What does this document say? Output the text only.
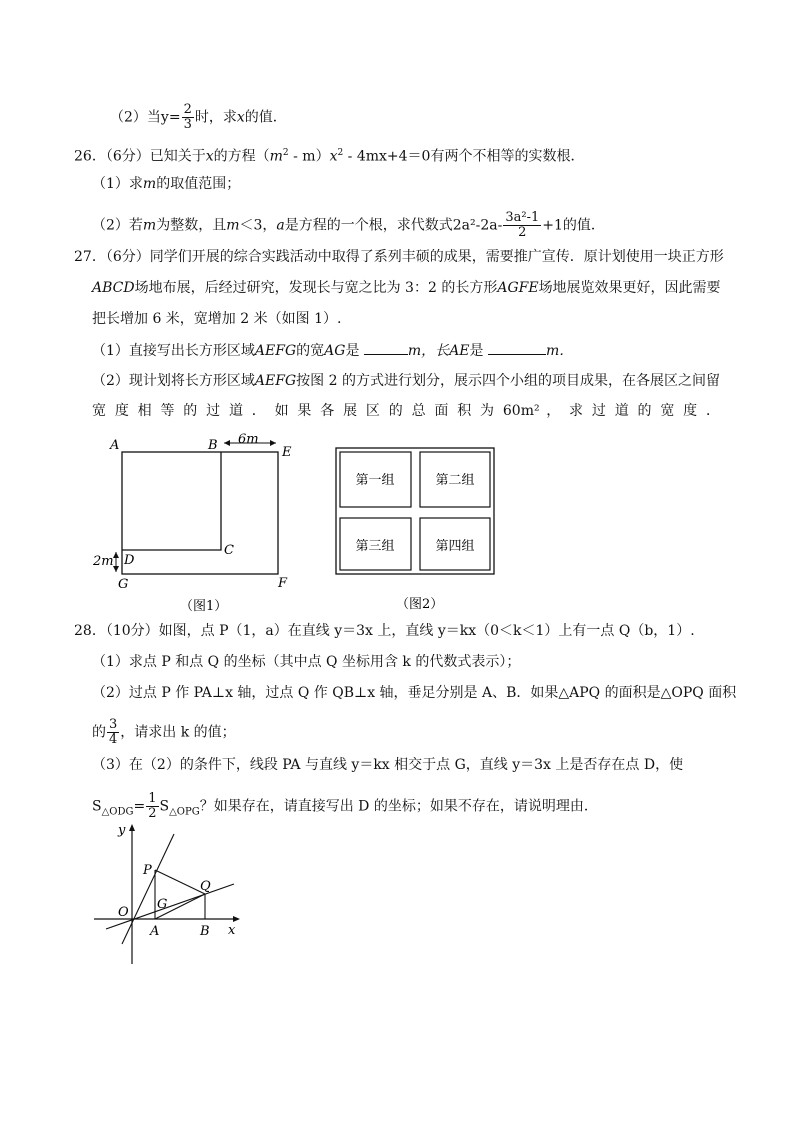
（2）当$y= \frac{2}{3}$ 时，求x的值．
26．（6分）已知关于x的方程$(m^2 - m)x^2 - 4mx+4=0$有两个不相等的实数根．
（1）求m的取值范围；
（2）若m为整数，且m＜3，a是方程的一个根，求代数式$2a^2-2a- \frac{\text{3a²-1}}{2} +1$的值．
27．（6分）同学们开展的综合实践活动中取得了系列丰硕的成果，需要推广宣传．原计划使用一块正方形
ABCD场地布展，后经过研究，发现长与宽之比为 3：2 的长方形AGFE场地展览效果更好，因此需要
把长增加 6 米，宽增加 2 米（如图 1）.
（1）直接写出长方形区域AEFG的宽AG是	m，长AE是	m．
（2）现计划将长方形区域AEFG按图 2 的方式进行划分，展示四个小组的项目成果，在各展区之间留
宽 度 相 等 的 过 道 ． 如 果 各 展 区 的 总 面 积 为 60m² ， 求 过 道 的 宽 度 ．
A	B 6m
E
C
2m D
G	F
（图1）
第一组	第二组
第三组	第四组
（图2）
28．（10分）如图，点 P（1，a）在直线 y＝3x 上，直线 y＝kx（0＜k＜1）上有一点 Q（b，1）.
（1）求点 P 和点 Q 的坐标（其中点 Q 坐标用含 k 的代数式表示）；
（2）过点 P 作 PA⊥x 轴，过点 Q 作 QB⊥x 轴，垂足分别是 A、B．如果△APQ 的面积是△OPQ 面积
的 $\frac{3}{4}$ ，请求出 k 的值；
（3）在（2）的条件下，线段 PA 与直线 y＝kx 相交于点 G，直线 y＝3x 上是否存在点 D，使
$S_{\triangle ODG}= \frac{1}{2} S_{\triangle OPG}$？如果存在，请直接写出 D 的坐标；如果不存在，请说明理由．
y
x
O
P
Q
G
A	B
